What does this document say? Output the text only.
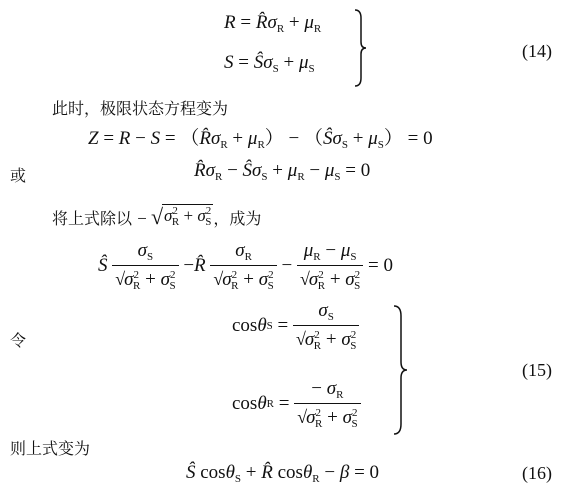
$R = R̂\sigma_R + \mu_R$
$S = Ŝ\sigma_S + \mu_S$
(14)
此时，极限状态方程变为
$Z = R - S = (R̂\sigma_R + \mu_R)$ − $(Ŝ\sigma_S + \mu_S) = 0$
或	$R̂\sigma_R$ − $Ŝ\sigma_S + \mu_R - \mu_S = 0$
将上式除以 − √ $\sigma^2_R + \sigma^2_S$ ，成为
Ŝ
$\frac{\sigma_S}{√\sigma^2_R + \sigma^2_S}$ − R̂
$\frac{\sigma_R}{√\sigma^2_R + \sigma^2_S} - \frac{\mu_R - \mu_S}{√\sigma^2_R + \sigma^2_S} = 0$
令
cos θ $S = \frac{\sigma_S}{√\sigma^2_R + \sigma^2_S}$
cos θ $R = \frac{- \sigma_R}{√\sigma^2_R + \sigma^2_S}$
(15)
则上式变为
Ŝ cosθ$_S$ + R̂ cosθ$_R$ − β = 0	(16)
